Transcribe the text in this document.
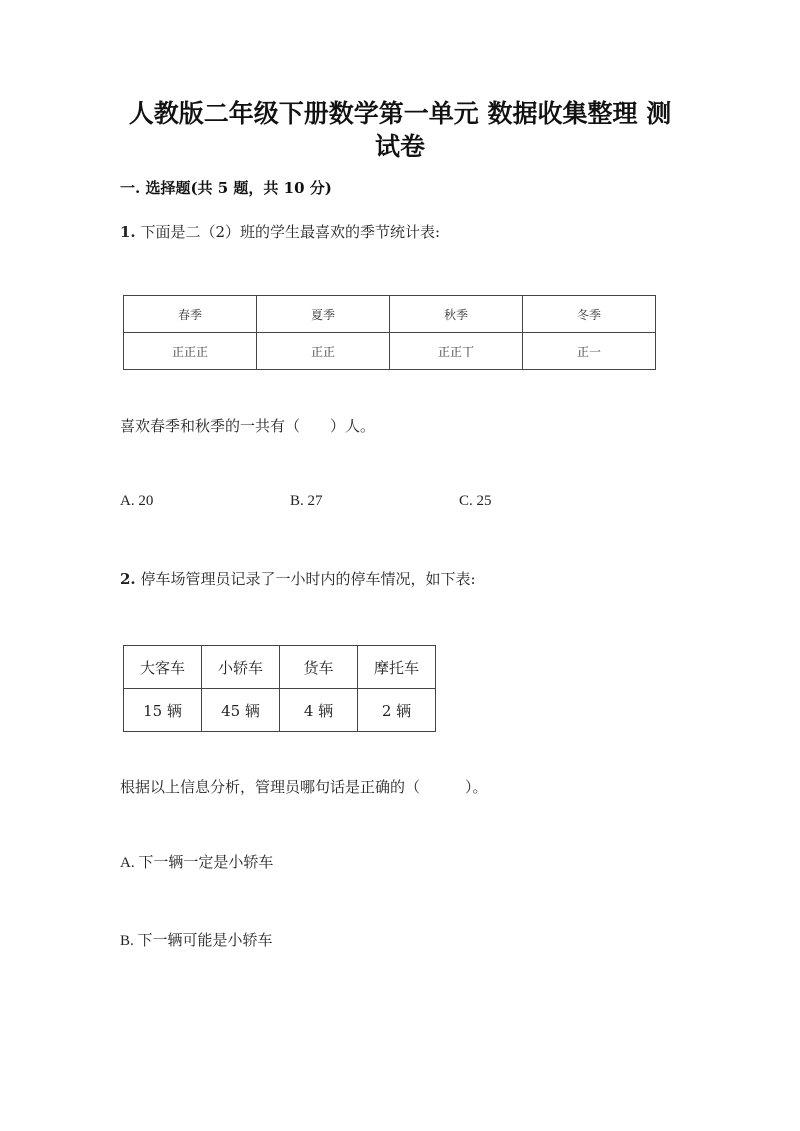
人教版二年级下册数学第一单元 数据收集整理 测
试卷
一. 选择题(共 5 题，共 10 分)
1. 下面是二（2）班的学生最喜欢的季节统计表:
春季	夏季	秋季	冬季
正正正	正正	正正丅	正一
喜欢春季和秋季的一共有（　　）人。
A. 20	B. 27	C. 25
2. 停车场管理员记录了一小时内的停车情况，如下表:
大客车	小轿车	货车	摩托车
15 辆	45 辆	4 辆	2 辆
根据以上信息分析，管理员哪句话是正确的（　　　）。
A. 下一辆一定是小轿车
B. 下一辆可能是小轿车
